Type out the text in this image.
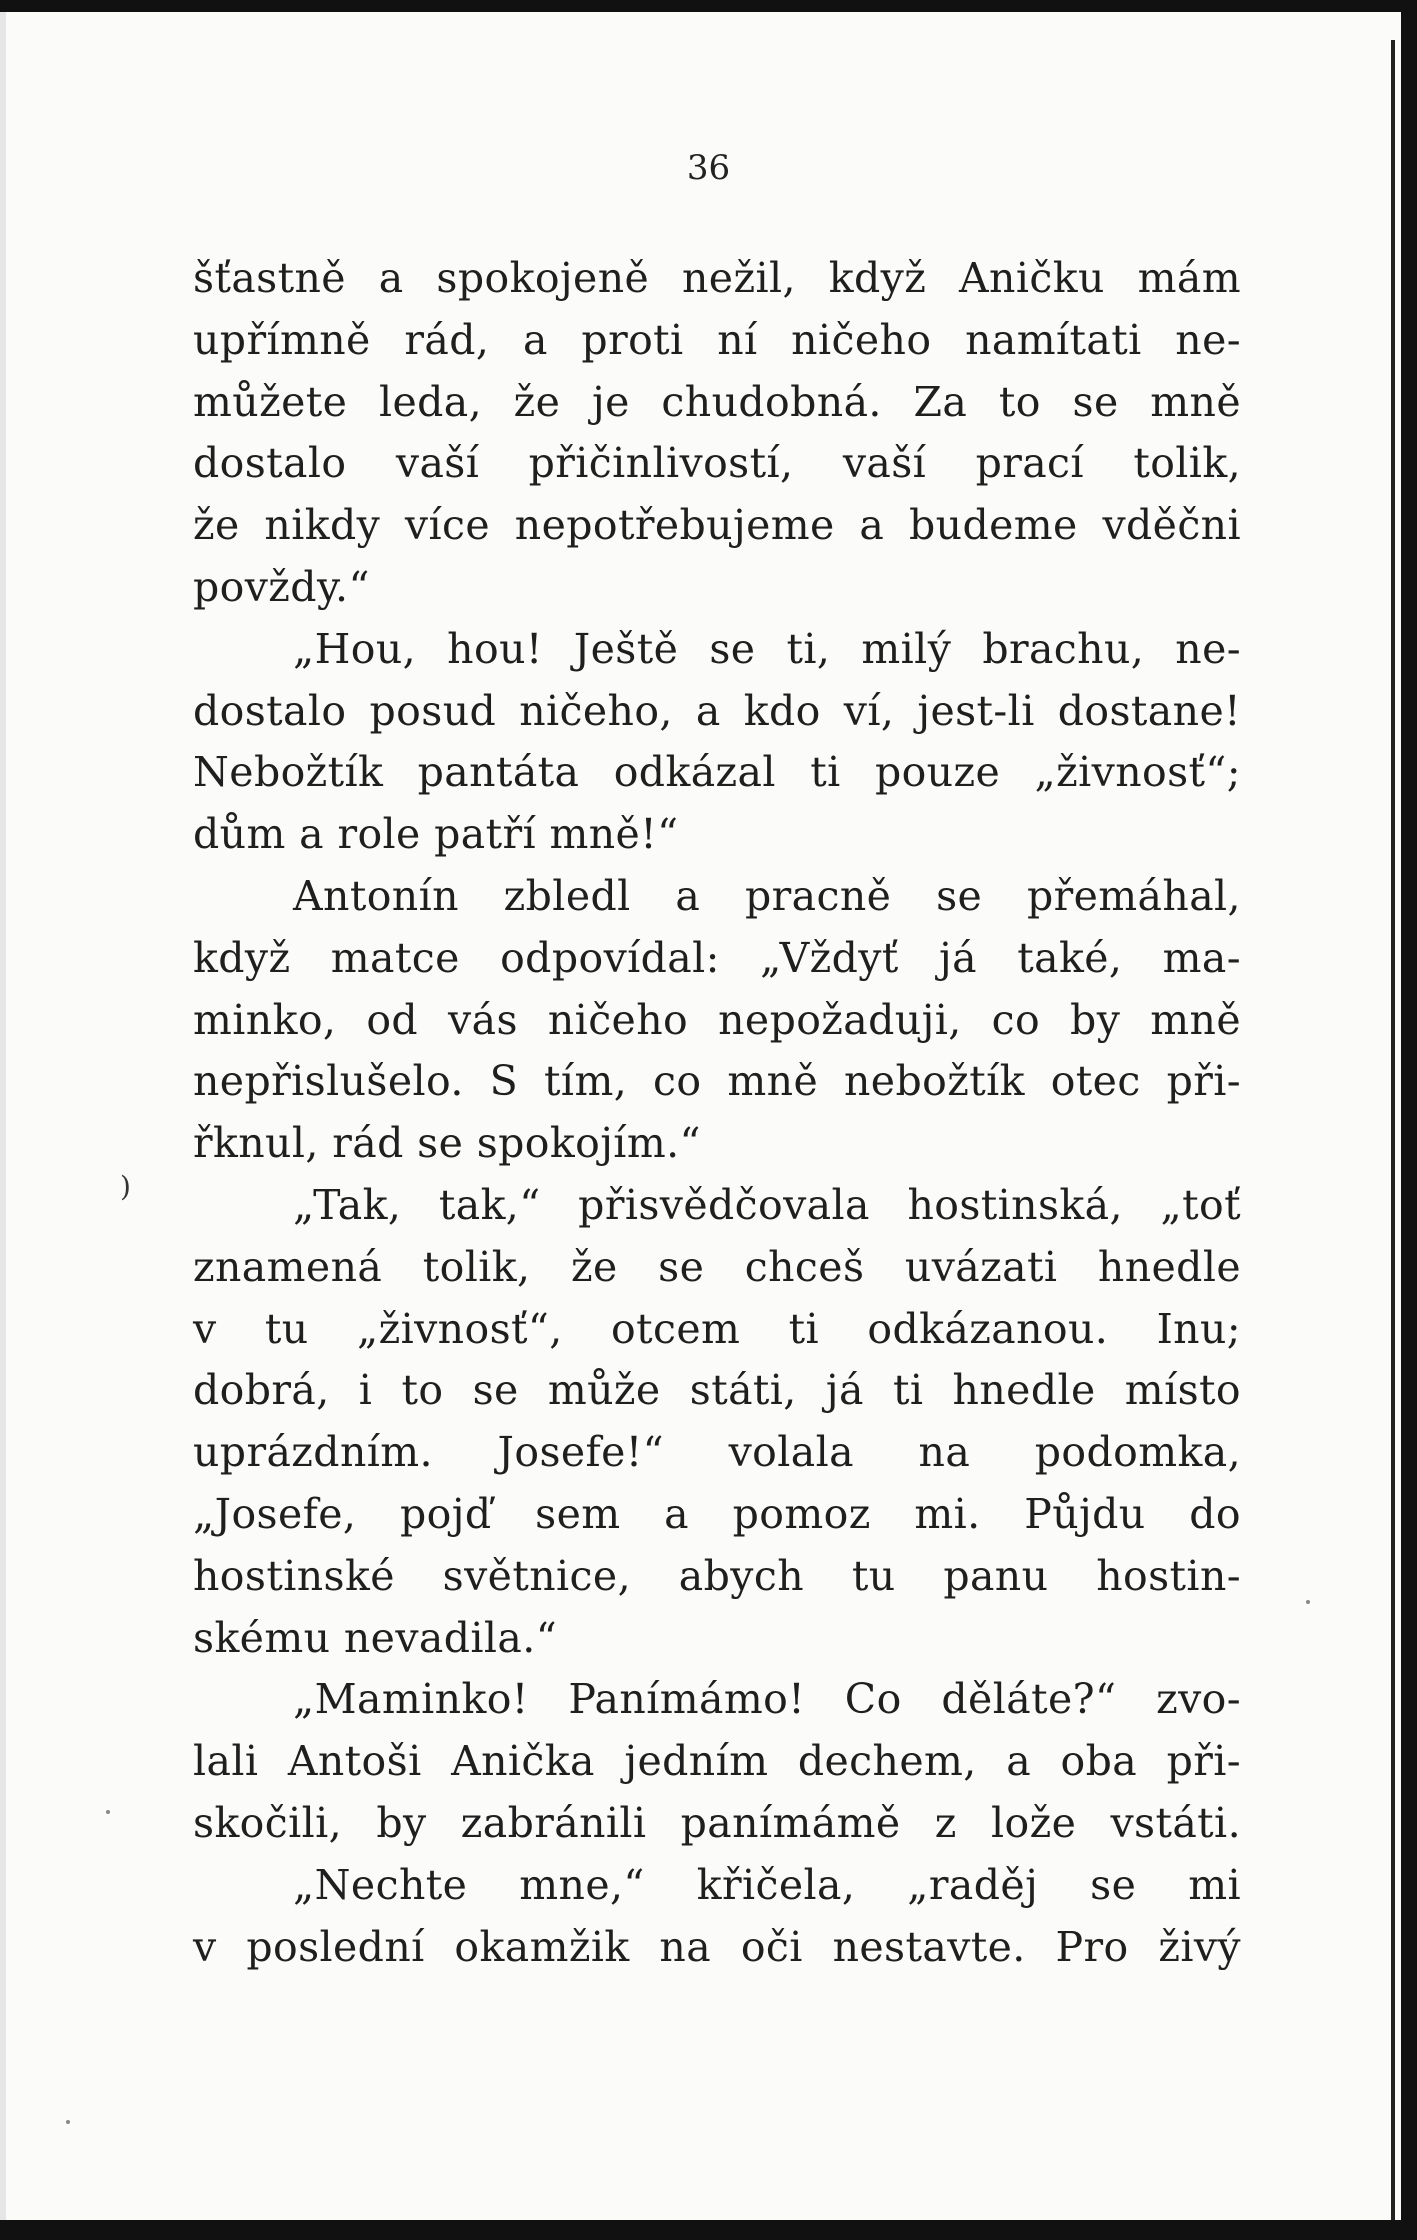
)
36
šťastně a spokojeně nežil, když Aničku mám
upřímně rád, a proti ní ničeho namítati ne-
můžete leda, že je chudobná. Za to se mně
dostalo vaší přičinlivostí, vaší prací tolik,
že nikdy více nepotřebujeme a budeme vděčni
povždy.“
„Hou, hou! Ještě se ti, milý brachu, ne-
dostalo posud ničeho, a kdo ví, jest-li dostane!
Nebožtík pantáta odkázal ti pouze „živnosť“;
dům a role patří mně!“
Antonín zbledl a pracně se přemáhal,
když matce odpovídal: „Vždyť já také, ma-
minko, od vás ničeho nepožaduji, co by mně
nepřislušelo. S tím, co mně nebožtík otec při-
řknul, rád se spokojím.“
„Tak, tak,“ přisvědčovala hostinská, „toť
znamená tolik, že se chceš uvázati hnedle
v tu „živnosť“, otcem ti odkázanou. Inu;
dobrá, i to se může státi, já ti hnedle místo
uprázdním. Josefe!“ volala na podomka,
„Josefe, pojď sem a pomoz mi. Půjdu do
hostinské světnice, abych tu panu hostin-
skému nevadila.“
„Maminko! Panímámo! Co děláte?“ zvo-
lali Antoši Anička jedním dechem, a oba při-
skočili, by zabránili panímámě z lože vstáti.
„Nechte mne,“ křičela, „raděj se mi
v poslední okamžik na oči nestavte. Pro živý
